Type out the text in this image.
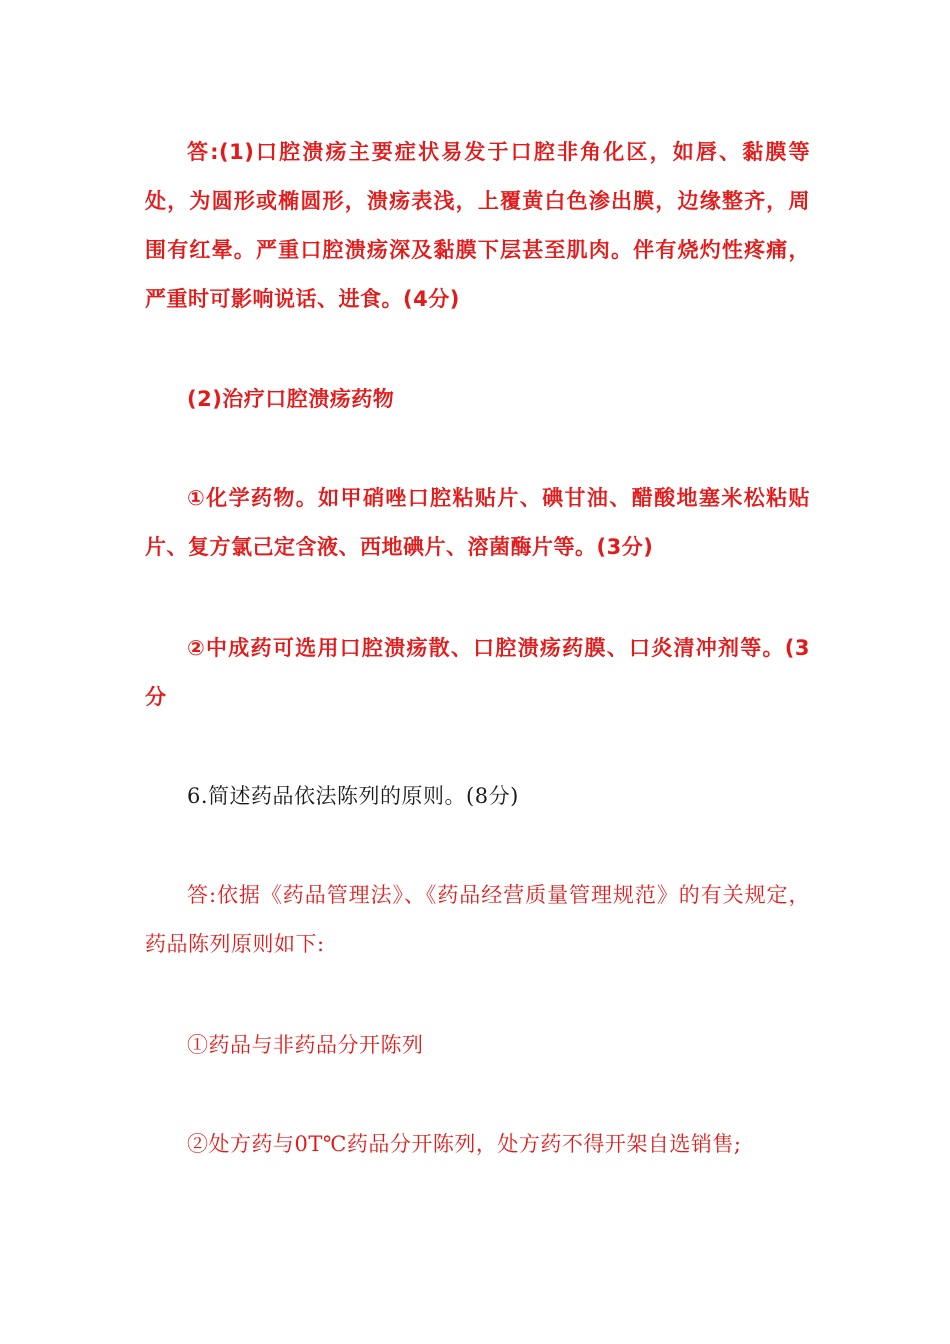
答:(1)口腔溃疡主要症状易发于口腔非角化区，如唇、黏膜等处，为圆形或椭圆形，溃疡表浅，上覆黄白色渗出膜，边缘整齐，周围有红晕。严重口腔溃疡深及黏膜下层甚至肌肉。伴有烧灼性疼痛，严重时可影响说话、进食。(4分)

(2)治疗口腔溃疡药物

①化学药物。如甲硝唑口腔粘贴片、碘甘油、醋酸地塞米松粘贴片、复方氯己定含液、西地碘片、溶菌酶片等。(3分)

②中成药可选用口腔溃疡散、口腔溃疡药膜、口炎清冲剂等。(3分

6.简述药品依法陈列的原则。(8分)

答:依据《药品管理法》、《药品经营质量管理规范》的有关规定，药品陈列原则如下:

①药品与非药品分开陈列

②处方药与0T℃药品分开陈列，处方药不得开架自选销售;
